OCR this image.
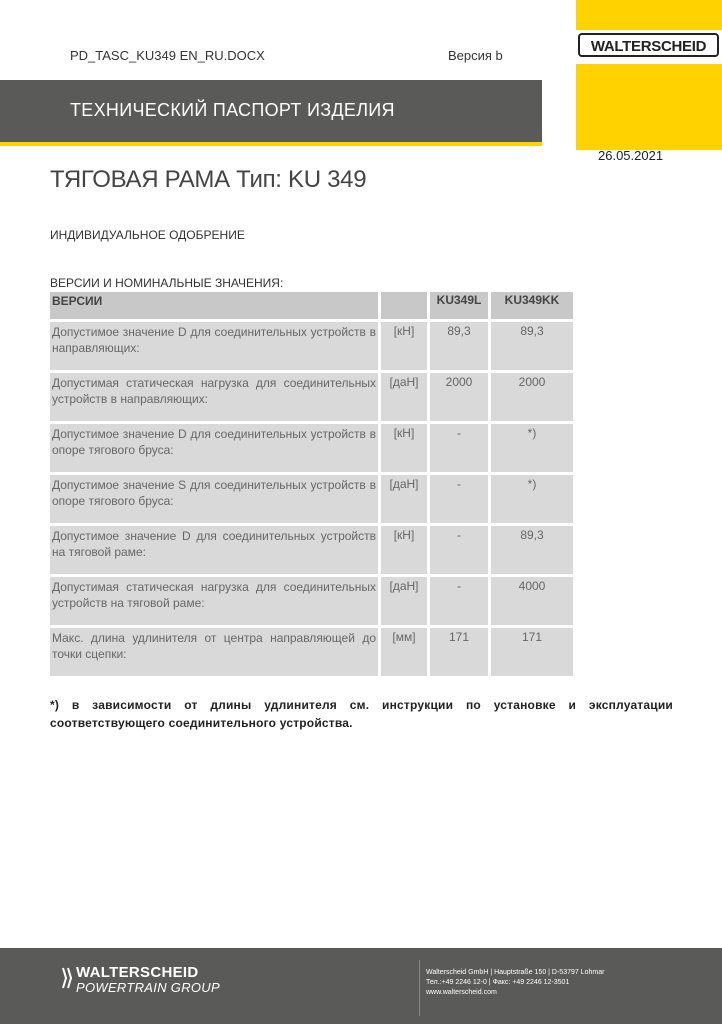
PD_TASC_KU349 EN_RU.DOCX	Версия b
WALTERSCHEID
ТЕХНИЧЕСКИЙ ПАСПОРТ ИЗДЕЛИЯ
26.05.2021
ТЯГОВАЯ РАМА Тип: KU 349
ИНДИВИДУАЛЬНОЕ ОДОБРЕНИЕ
ВЕРСИИ И НОМИНАЛЬНЫЕ ЗНАЧЕНИЯ:
ВЕРСИИ		KU349L	KU349KK
Допустимое значение D для соединительных устройств в направляющих:	[кН]	89,3	89,3
Допустимая статическая нагрузка для соединительных устройств в направляющих:	[даН]	2000	2000
Допустимое значение D для соединительных устройств в опоре тягового бруса:	[кН]	-	*)
Допустимое значение S для соединительных устройств в опоре тягового бруса:	[даН]	-	*)
Допустимое значение D для соединительных устройств на тяговой раме:	[кН]	-	89,3
Допустимая статическая нагрузка для соединительных устройств на тяговой раме:	[даН]	-	4000
Макс. длина удлинителя от центра направляющей до точки сцепки:	[мм]	171	171
*) в зависимости от длины удлинителя см. инструкции по установке и эксплуатации соответствующего соединительного устройства.
WALTERSCHEID
POWERTRAIN GROUP
Walterscheid GmbH | Hauptstraße 150 | D-53797 Lohmar
Тел.:+49 2246 12-0 | Факс: +49 2246 12-3501
www.walterscheid.com
